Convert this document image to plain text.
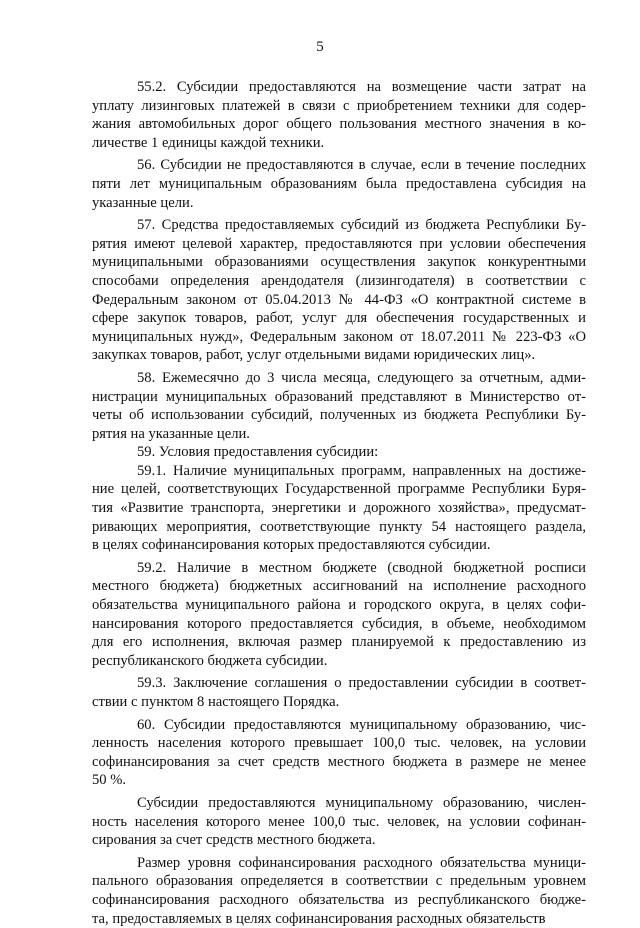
5
55.2. Субсидии предоставляются на возмещение части затрат на
уплату лизинговых платежей в связи с приобретением техники для содер-
жания автомобильных дорог общего пользования местного значения в ко-
личестве 1 единицы каждой техники.
56. Субсидии не предоставляются в случае, если в течение последних
пяти лет муниципальным образованиям была предоставлена субсидия на
указанные цели.
57. Средства предоставляемых субсидий из бюджета Республики Бу-
рятия имеют целевой характер, предоставляются при условии обеспечения
муниципальными образованиями осуществления закупок конкурентными
способами определения арендодателя (лизингодателя) в соответствии с
Федеральным законом от 05.04.2013 № 44-ФЗ «О контрактной системе в
сфере закупок товаров, работ, услуг для обеспечения государственных и
муниципальных нужд», Федеральным законом от 18.07.2011 № 223-ФЗ «О
закупках товаров, работ, услуг отдельными видами юридических лиц».
58. Ежемесячно до 3 числа месяца, следующего за отчетным, адми-
нистрации муниципальных образований представляют в Министерство от-
четы об использовании субсидий, полученных из бюджета Республики Бу-
рятия на указанные цели.
59. Условия предоставления субсидии:
59.1. Наличие муниципальных программ, направленных на достиже-
ние целей, соответствующих Государственной программе Республики Буря-
тия «Развитие транспорта, энергетики и дорожного хозяйства», предусмат-
ривающих мероприятия, соответствующие пункту 54 настоящего раздела,
в целях софинансирования которых предоставляются субсидии.
59.2. Наличие в местном бюджете (сводной бюджетной росписи
местного бюджета) бюджетных ассигнований на исполнение расходного
обязательства муниципального района и городского округа, в целях софи-
нансирования которого предоставляется субсидия, в объеме, необходимом
для его исполнения, включая размер планируемой к предоставлению из
республиканского бюджета субсидии.
59.3. Заключение соглашения о предоставлении субсидии в соответ-
ствии с пунктом 8 настоящего Порядка.
60. Субсидии предоставляются муниципальному образованию, чис-
ленность населения которого превышает 100,0 тыс. человек, на условии
софинансирования за счет средств местного бюджета в размере не менее
50 %.
Субсидии предоставляются муниципальному образованию, числен-
ность населения которого менее 100,0 тыс. человек, на условии софинан-
сирования за счет средств местного бюджета.
Размер уровня софинансирования расходного обязательства муници-
пального образования определяется в соответствии с предельным уровнем
софинансирования расходного обязательства из республиканского бюдже-
та, предоставляемых в целях софинансирования расходных обязательств
